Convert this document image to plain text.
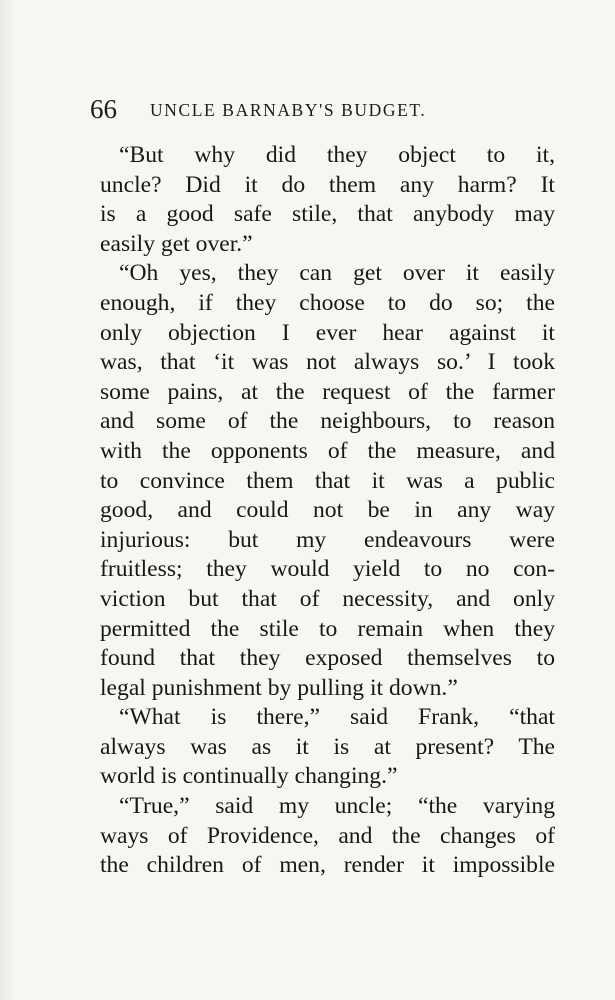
66 UNCLE BARNABY'S BUDGET.
“But why did they object to it,
uncle? Did it do them any harm? It
is a good safe stile, that anybody may
easily get over.”
“Oh yes, they can get over it easily
enough, if they choose to do so; the
only objection I ever hear against it
was, that ‘it was not always so.’ I took
some pains, at the request of the farmer
and some of the neighbours, to reason
with the opponents of the measure, and
to convince them that it was a public
good, and could not be in any way
injurious: but my endeavours were
fruitless; they would yield to no con-
viction but that of necessity, and only
permitted the stile to remain when they
found that they exposed themselves to
legal punishment by pulling it down.”
“What is there,” said Frank, “that
always was as it is at present? The
world is continually changing.”
“True,” said my uncle; “the varying
ways of Providence, and the changes of
the children of men, render it impossible
